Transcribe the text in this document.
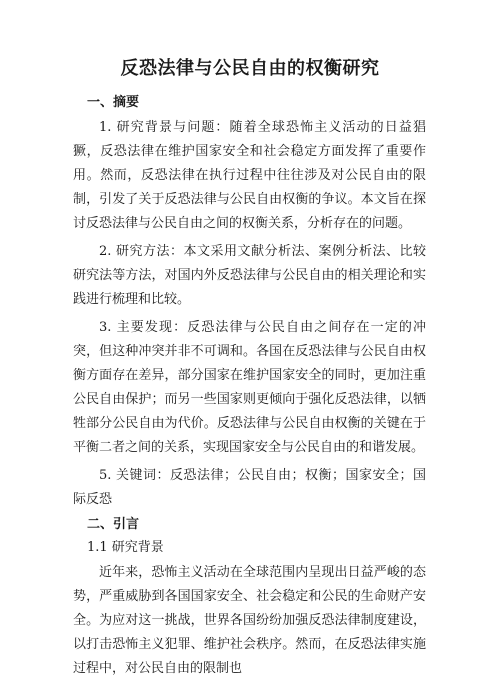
反恐法律与公民自由的权衡研究

一、摘要

1. 研究背景与问题：随着全球恐怖主义活动的日益猖獗，反恐法律在维护国家安全和社会稳定方面发挥了重要作用。然而，反恐法律在执行过程中往往涉及对公民自由的限制，引发了关于反恐法律与公民自由权衡的争议。本文旨在探讨反恐法律与公民自由之间的权衡关系，分析存在的问题。

2. 研究方法：本文采用文献分析法、案例分析法、比较研究法等方法，对国内外反恐法律与公民自由的相关理论和实践进行梳理和比较。

3. 主要发现：反恐法律与公民自由之间存在一定的冲突，但这种冲突并非不可调和。各国在反恐法律与公民自由权衡方面存在差异，部分国家在维护国家安全的同时，更加注重公民自由保护；而另一些国家则更倾向于强化反恐法律，以牺牲部分公民自由为代价。反恐法律与公民自由权衡的关键在于平衡二者之间的关系，实现国家安全与公民自由的和谐发展。

5. 关键词：反恐法律；公民自由；权衡；国家安全；国际反恐

二、引言

1.1 研究背景

近年来，恐怖主义活动在全球范围内呈现出日益严峻的态势，严重威胁到各国国家安全、社会稳定和公民的生命财产安全。为应对这一挑战，世界各国纷纷加强反恐法律制度建设，以打击恐怖主义犯罪、维护社会秩序。然而，在反恐法律实施过程中，对公民自由的限制也
